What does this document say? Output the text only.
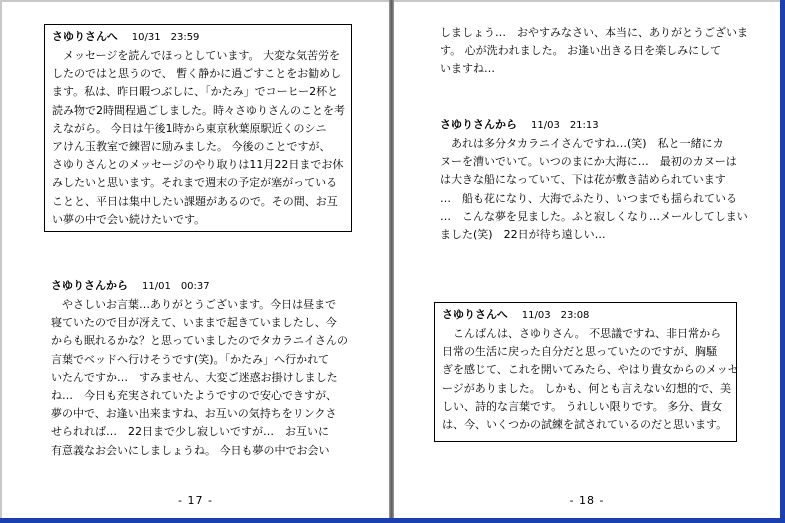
さゆりさんへ 10/31　23:59
　メッセージを読んでほっとしています。 大変な気苦労を
したのではと思うので、 暫く静かに過ごすことをお勧めし
ます。私は、昨日暇つぶしに、「かたみ」でコーヒー2杯と
読み物で2時間程過ごしました。時々さゆりさんのことを考
えながら。 今日は午後1時から東京秋葉原駅近くのシニ
アけん玉教室で練習に励みました。 今後のことですが、
さゆりさんとのメッセージのやり取りは11月22日までお休
みしたいと思います。それまで週末の予定が塞がっている
ことと、平日は集中したい課題があるので。その間、お互
い夢の中で会い続けたいです。
さゆりさんから 11/01　00:37
　やさしいお言葉…ありがとうございます。今日は昼まで
寝ていたので目が冴えて、いままで起きていましたし、今
からも眠れるかな？と思っていましたのでタカラニイさんの
言葉でベッドへ行けそうです(笑)。「かたみ」へ行かれて
いたんですか…　すみません、大変ご迷惑お掛けしました
ね…　今日も充実されていたようですので安心できすが、
夢の中で、お逢い出来ますね、お互いの気持ちをリンクさ
せられれば…　22日まで少し寂しいですが…　お互いに
有意義なお会いにしましょうね。 今日も夢の中でお会い
- 17 -
しましょう…　おやすみなさい、本当に、ありがとうございま
す。 心が洗われました。 お逢い出きる日を楽しみにして
いますね…
さゆりさんから 11/03　21:13
　あれは多分タカラニイさんですね…(笑)　私と一緒にカ
ヌーを漕いでいて。いつのまにか大海に…　最初のカヌーは
は大きな船になっていて、下は花が敷き詰められています
…　船も花になり、大海でふたり、いつまでも揺られている
…　こんな夢を見ました。ふと寂しくなり…メールしてしまい
ました(笑)　22日が待ち遠しい…
さゆりさんへ 11/03　23:08
　こんばんは、さゆりさん。 不思議ですね、非日常から
日常の生活に戻った自分だと思っていたのですが、胸騒
ぎを感じて、これを開いてみたら、やはり貴女からのメッセ
ージがありました。 しかも、何とも言えない幻想的で、美
しい、詩的な言葉です。 うれしい限りです。 多分、貴女
は、今、いくつかの試練を試されているのだと思います。
- 18 -
